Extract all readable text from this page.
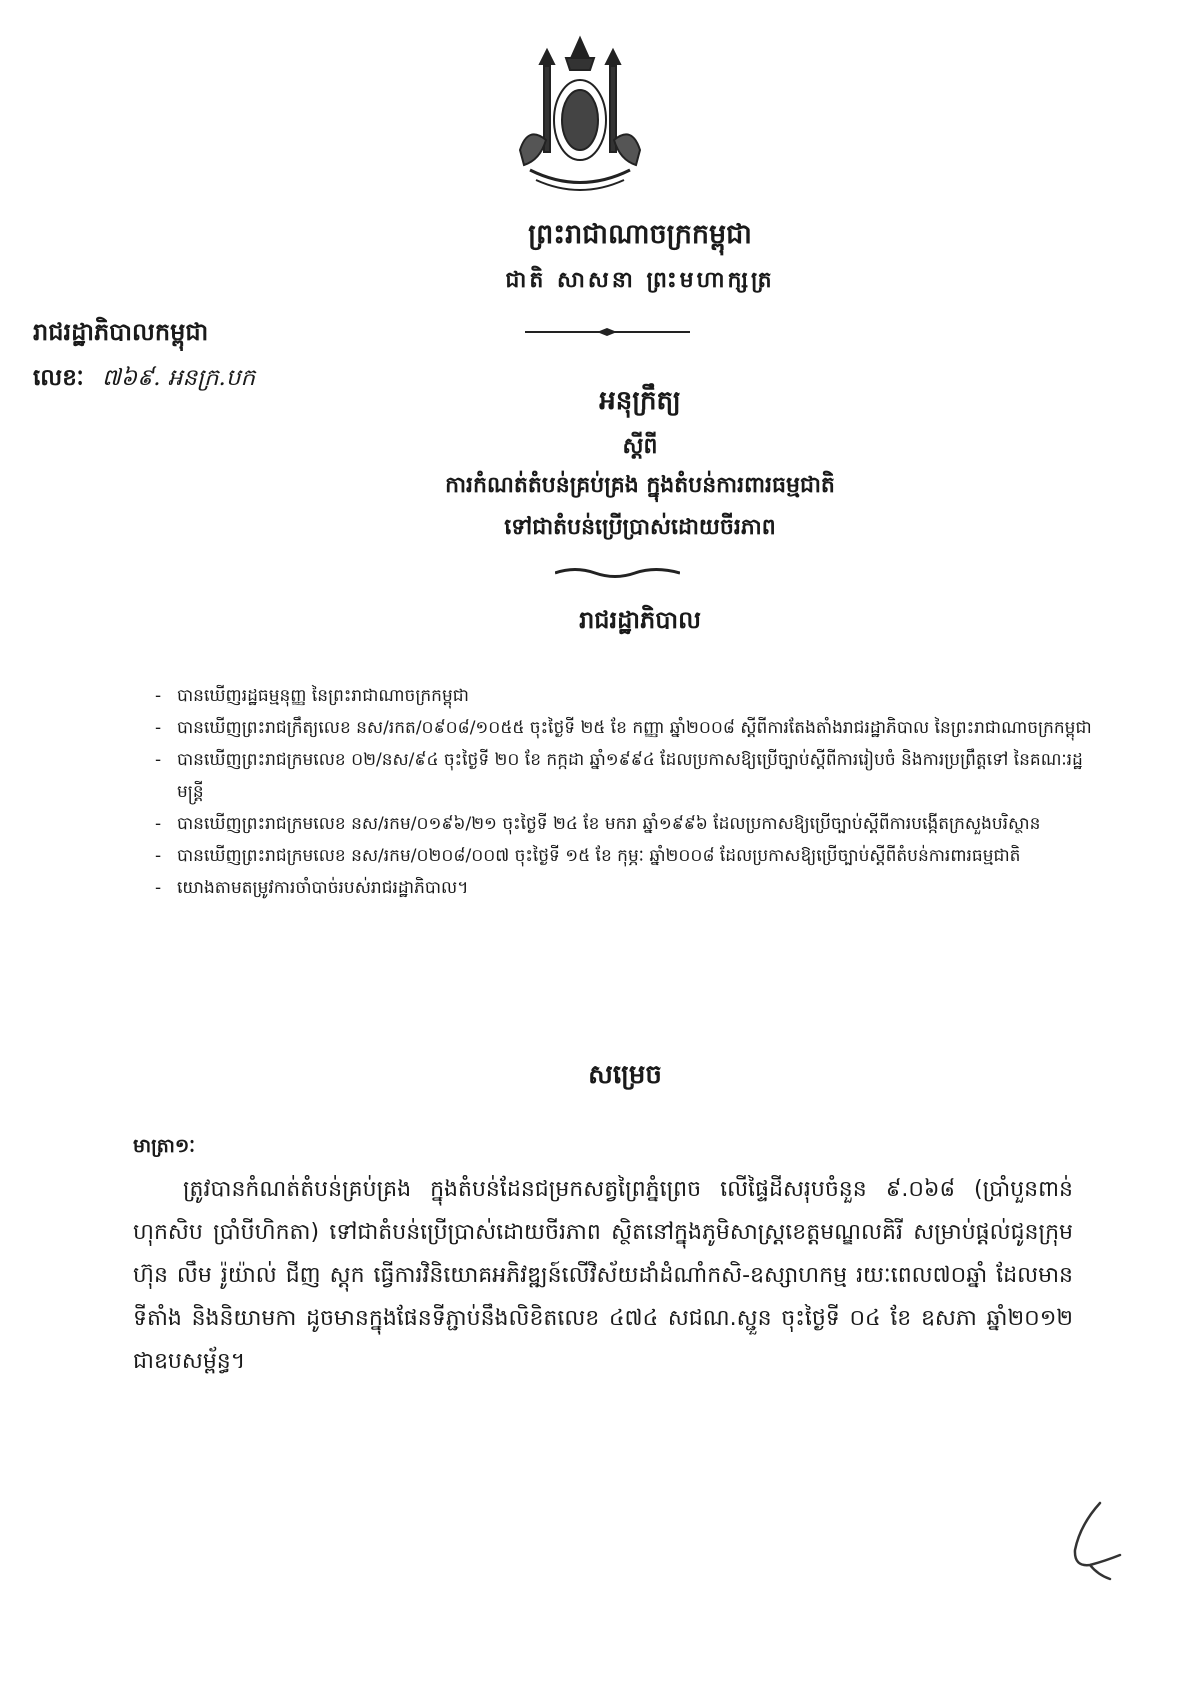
ព្រះរាជាណាចក្រកម្ពុជា
ជាតិ សាសនា ព្រះមហាក្សត្រ
រាជរដ្ឋាភិបាលកម្ពុជា
លេខៈ ៧៦៩. អនក្រ.បក
អនុក្រឹត្យ
ស្តីពី
ការកំណត់តំបន់គ្រប់គ្រង ក្នុងតំបន់ការពារធម្មជាតិ
ទៅជាតំបន់ប្រើប្រាស់ដោយចីរភាព
រាជរដ្ឋាភិបាល
- បានឃើញរដ្ឋធម្មនុញ្ញ នៃព្រះរាជាណាចក្រកម្ពុជា
- បានឃើញព្រះរាជក្រឹត្យលេខ នស/រកត/០៩០៨/១០៥៥ ចុះថ្ងៃទី ២៥ ខែ កញ្ញា ឆ្នាំ២០០៨ ស្តីពីការតែងតាំងរាជរដ្ឋាភិបាល នៃព្រះរាជាណាចក្រកម្ពុជា
- បានឃើញព្រះរាជក្រមលេខ ០២/នស/៩៤ ចុះថ្ងៃទី ២០ ខែ កក្កដា ឆ្នាំ១៩៩៤ ដែលប្រកាសឱ្យប្រើច្បាប់ស្តីពីការរៀបចំ និងការប្រព្រឹត្តទៅ នៃគណៈរដ្ឋមន្ត្រី
- បានឃើញព្រះរាជក្រមលេខ នស/រកម/០១៩៦/២១ ចុះថ្ងៃទី ២៤ ខែ មករា ឆ្នាំ១៩៩៦ ដែលប្រកាសឱ្យប្រើច្បាប់ស្តីពីការបង្កើតក្រសួងបរិស្ថាន
- បានឃើញព្រះរាជក្រមលេខ នស/រកម/០២០៨/០០៧ ចុះថ្ងៃទី ១៥ ខែ កុម្ភៈ ឆ្នាំ២០០៨ ដែលប្រកាសឱ្យប្រើច្បាប់ស្តីពីតំបន់ការពារធម្មជាតិ
- យោងតាមតម្រូវការចាំបាច់របស់រាជរដ្ឋាភិបាល។
សម្រេច
មាត្រា១ៈ

ត្រូវបានកំណត់តំបន់គ្រប់គ្រង ក្នុងតំបន់ដែនជម្រកសត្វព្រៃភ្នំព្រេច លើផ្ទៃដីសរុបចំនួន ៩.០៦៨ (ប្រាំបួនពាន់ ហុកសិប ប្រាំបីហិកតា) ទៅជាតំបន់ប្រើប្រាស់ដោយចីរភាព ស្ថិតនៅក្នុងភូមិសាស្ត្រខេត្តមណ្ឌលគិរី សម្រាប់ផ្តល់ជូនក្រុមហ៊ុន លឹម រ៉ូយ៉ាល់ ជីញ ស្តុក ធ្វើការវិនិយោគអភិវឌ្ឍន៍លើវិស័យដាំដំណាំកសិ-ឧស្សាហកម្ម រយៈពេល៧០ឆ្នាំ ដែលមានទីតាំង និងនិយាមកា ដូចមានក្នុងផែនទីភ្ជាប់នឹងលិខិតលេខ ៤៧៤ សជណ.ស្ជួន ចុះថ្ងៃទី ០៤ ខែ ឧសភា ឆ្នាំ២០១២ ជាឧបសម្ព័ន្ធ។
